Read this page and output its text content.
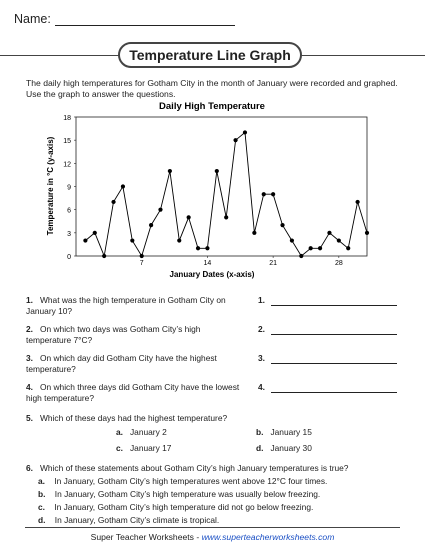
Name:
Temperature Line Graph
The daily high temperatures for Gotham City in the month of January were recorded and graphed. Use the graph to answer the questions.
Daily High Temperature
0
3
6
9
12
15
18
7	14	21	28
January Dates (x-axis)
Temperature in °C (y-axis)
1. What was the high temperature in Gotham City on January 10?
1.
2. On which two days was Gotham City’s high temperature 7°C?
2.
3. On which day did Gotham City have the highest temperature?
3.
4. On which three days did Gotham City have the lowest high temperature?
4.
5. Which of these days had the highest temperature?
a. January 2	b. January 15
c. January 17	d. January 30
6. Which of these statements about Gotham City’s high January temperatures is true?
a. In January, Gotham City’s high temperatures went above 12°C four times.
b. In January, Gotham City’s high temperature was usually below freezing.
c. In January, Gotham City’s high temperature did not go below freezing.
d. In January, Gotham City’s climate is tropical.
Super Teacher Worksheets - www.superteacherworksheets.com
